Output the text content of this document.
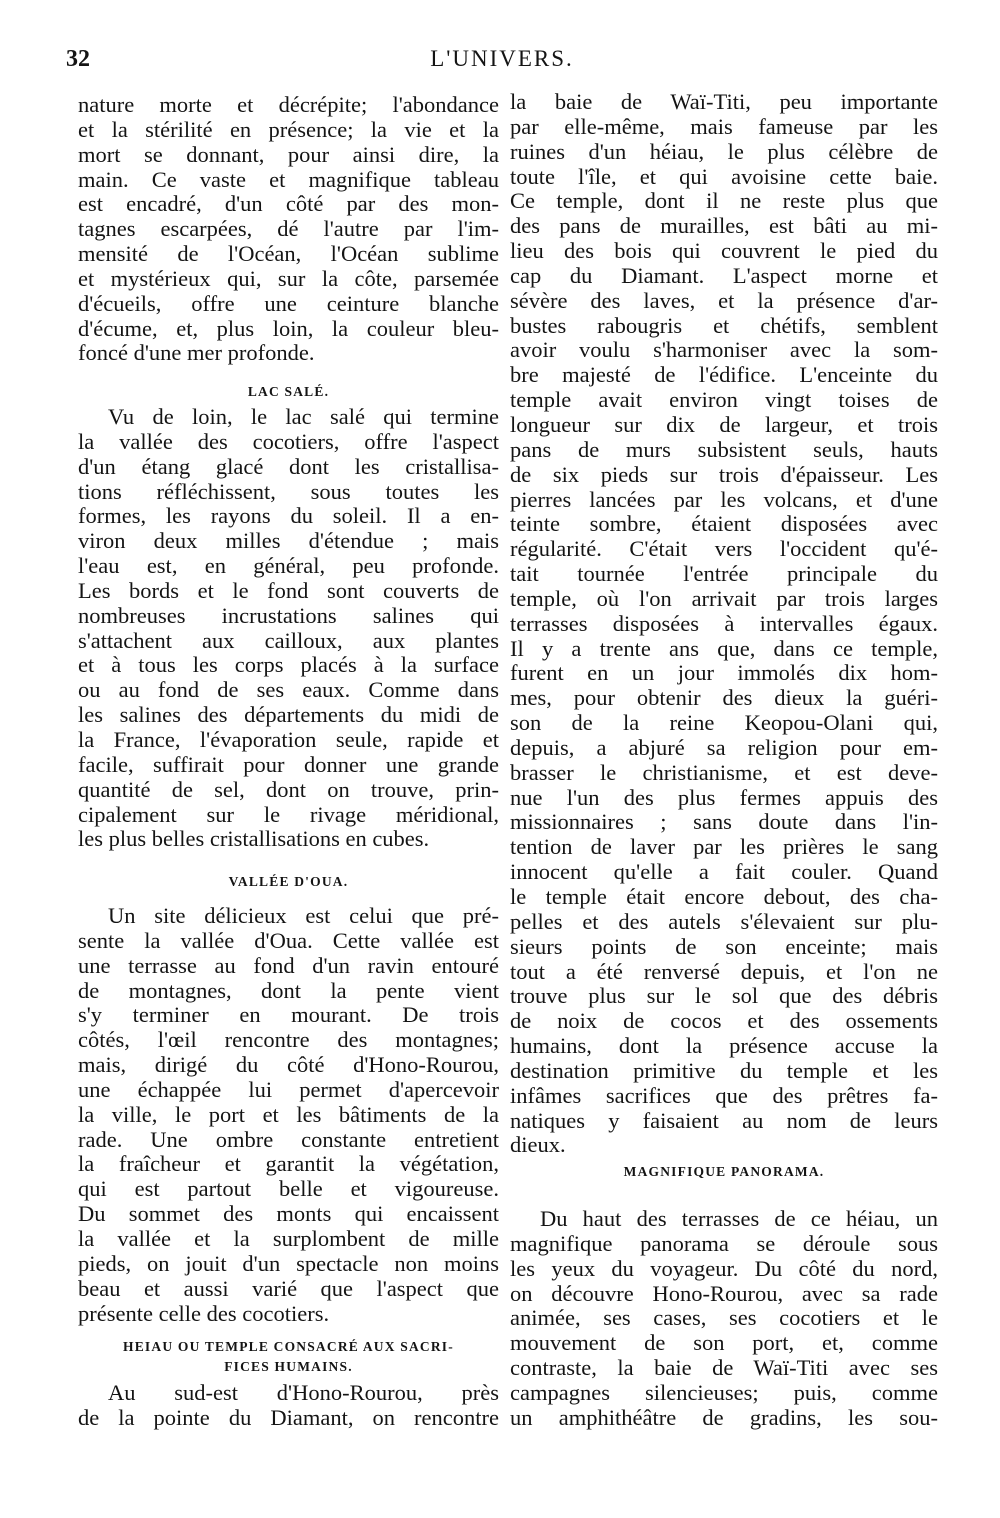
32	L'UNIVERS.
nature morte et décrépite; l'abondance
et la stérilité en présence; la vie et la
mort se donnant, pour ainsi dire, la
main. Ce vaste et magnifique tableau
est encadré, d'un côté par des mon-
tagnes escarpées, dé l'autre par l'im-
mensité de l'Océan, l'Océan sublime
et mystérieux qui, sur la côte, parsemée
d'écueils, offre une ceinture blanche
d'écume, et, plus loin, la couleur bleu-
foncé d'une mer profonde.
LAC SALÉ.
Vu de loin, le lac salé qui termine
la vallée des cocotiers, offre l'aspect
d'un étang glacé dont les cristallisa-
tions réfléchissent, sous toutes les
formes, les rayons du soleil. Il a en-
viron deux milles d'étendue ; mais
l'eau est, en général, peu profonde.
Les bords et le fond sont couverts de
nombreuses incrustations salines qui
s'attachent aux cailloux, aux plantes
et à tous les corps placés à la surface
ou au fond de ses eaux. Comme dans
les salines des départements du midi de
la France, l'évaporation seule, rapide et
facile, suffirait pour donner une grande
quantité de sel, dont on trouve, prin-
cipalement sur le rivage méridional,
les plus belles cristallisations en cubes.
VALLÉE D'OUA.
Un site délicieux est celui que pré-
sente la vallée d'Oua. Cette vallée est
une terrasse au fond d'un ravin entouré
de montagnes, dont la pente vient
s'y terminer en mourant. De trois
côtés, l'œil rencontre des montagnes;
mais, dirigé du côté d'Hono-Rourou,
une échappée lui permet d'apercevoir
la ville, le port et les bâtiments de la
rade. Une ombre constante entretient
la fraîcheur et garantit la végétation,
qui est partout belle et vigoureuse.
Du sommet des monts qui encaissent
la vallée et la surplombent de mille
pieds, on jouit d'un spectacle non moins
beau et aussi varié que l'aspect que
présente celle des cocotiers.
HEIAU OU TEMPLE CONSACRÉ AUX SACRI-
FICES HUMAINS.
Au sud-est d'Hono-Rourou, près
de la pointe du Diamant, on rencontre
la baie de Waï-Titi, peu importante
par elle-même, mais fameuse par les
ruines d'un héiau, le plus célèbre de
toute l'île, et qui avoisine cette baie.
Ce temple, dont il ne reste plus que
des pans de murailles, est bâti au mi-
lieu des bois qui couvrent le pied du
cap du Diamant. L'aspect morne et
sévère des laves, et la présence d'ar-
bustes rabougris et chétifs, semblent
avoir voulu s'harmoniser avec la som-
bre majesté de l'édifice. L'enceinte du
temple avait environ vingt toises de
longueur sur dix de largeur, et trois
pans de murs subsistent seuls, hauts
de six pieds sur trois d'épaisseur. Les
pierres lancées par les volcans, et d'une
teinte sombre, étaient disposées avec
régularité. C'était vers l'occident qu'é-
tait tournée l'entrée principale du
temple, où l'on arrivait par trois larges
terrasses disposées à intervalles égaux.
Il y a trente ans que, dans ce temple,
furent en un jour immolés dix hom-
mes, pour obtenir des dieux la guéri-
son de la reine Keopou-Olani qui,
depuis, a abjuré sa religion pour em-
brasser le christianisme, et est deve-
nue l'un des plus fermes appuis des
missionnaires ; sans doute dans l'in-
tention de laver par les prières le sang
innocent qu'elle a fait couler. Quand
le temple était encore debout, des cha-
pelles et des autels s'élevaient sur plu-
sieurs points de son enceinte; mais
tout a été renversé depuis, et l'on ne
trouve plus sur le sol que des débris
de noix de cocos et des ossements
humains, dont la présence accuse la
destination primitive du temple et les
infâmes sacrifices que des prêtres fa-
natiques y faisaient au nom de leurs
dieux.
MAGNIFIQUE PANORAMA.
Du haut des terrasses de ce héiau, un
magnifique panorama se déroule sous
les yeux du voyageur. Du côté du nord,
on découvre Hono-Rourou, avec sa rade
animée, ses cases, ses cocotiers et le
mouvement de son port, et, comme
contraste, la baie de Waï-Titi avec ses
campagnes silencieuses; puis, comme
un amphithéâtre de gradins, les sou-
